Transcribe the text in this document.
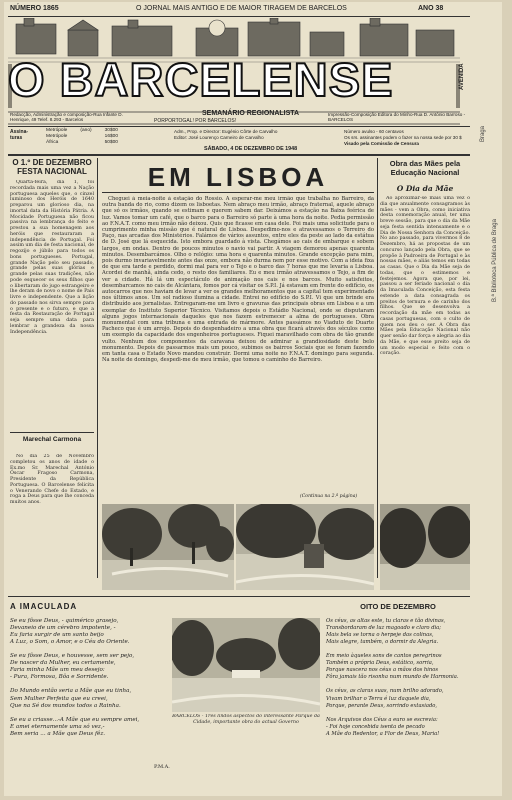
NÚMERO 1865	O JORNAL MAIS ANTIGO E DE MAIOR TIRAGEM DE BARCELOS	ANO 38
O BARCELENSE
SEMANÁRIO REGIONALISTA
PORPORTOGAL! POR BARCELOS!
AVENIDA
Redacção, Administração e composição-Rua Infante D. Henrique, 49 Telef. 8.293 - Barcelos
Impressão-Composição Editora do Minho-Rua D. António Barroso - BARCELOS
Assina-
turas
Metrópole	(ano)	30$00
Metrópole	16$00
África	50$00
Adm., Prop. e Director: Eugénio Côrte de Carvalho
Editor: José Lourenço Carneiro de Carvalho
Número avulso - 60 centavos
Os srs. assinantes podem o fazer na nossa sede por 30 $
Visado pela Comissão de Censura
SÁBADO, 4 DE DEZEMBRO DE 1948
O 1.º DE DEZEMBRO FESTA NACIONAL

Quarta-feira, dia 1, foi recordada mais uma vez a Nação portuguesa aqueles que, o cinzel luminoso dos Heróis de 1640 preparou um glorioso dia, na imortal data da História Pátria. A Mocidade Portuguesa não ficou passiva na lembrança do feito e prestou a sua homenagem aos heróis que restauraram a independência de Portugal. Foi assim um dia de festa nacional, de regozijo e júbilo para todos os bons portugueses. Portugal, grande Nação pelo seu passado, grande pelas suas glórias e grande pelas suas tradições, não pode esquecer os seus filhos que o libertaram do jugo estrangeiro e lhe deram de novo o nome de País livre e independente. Que a lição do passado nos sirva sempre para o presente e o futuro, e que a festa da Restauração de Portugal seja sempre uma data para lembrar a grandeza da nossa Independência.

Marechal Carmona

No dia 25 de Novembro completou os anos de idade o Ex.mo Sr. Marechal António Óscar Fragoso Carmona, Presidente da República Portuguesa. O Barcelense felicita o Venerando Chefe do Estado, e roga a Deus para que lhe conceda muitos anos.

EM LISBOA

Cheguei à meia-noite à estação do Rossio. A esperar-me meu irmão que trabalha no Barreiro, da outra banda do rio, como dizem os lisboetas. Nem abraço meu irmão, abraço fraternal, aquele abraço que só os irmãos, quando se estimam e querem sabem dar. Deixámos a estação na Baixa feérica de luz. Vamos tomar um café, que o barco para o Barreiro só parte à uma hora da noite. Pedia permissão ao F.N.A.T. como meu irmão não deixou. Quis que ficasse em casa dele. Foi mais uma solicitude para o cumprimento minha missão que é natural de Lisboa. Despedimo-nos e atravessamos o Terreiro do Paço, nas arcadas dos Ministérios. Falámos de vários assuntos, entre eles da peste ao lado da estátua de D. José que lá esquecida. Isto embora guardado à vista. Chegámos ao cais de embarque e sobem largos, em ondas. Dentro de poucos minutos o navio vai partir. A viagem demorou apenas quarenta minutos. Desembarcámos. Olho o relógio: uma hora e quarenta minutos. Grande excepção para mim, pois durmo invariavelmente antes das onze, embora não durma nem por esse motivo. Com a ideia fixa de que era tarde e perdido, dormi mal para ver o Tejo e o barco das 7 horas que me levaria a Lisboa. Acordei de manhã, ainda cedo, o resto dos familiares. Eu e meu irmão atravessamos o Tejo, a fim de ver a cidade. Há lá um espectáculo de animação nos cais e nos barcos. Muito satisfeitos, desembarcamos no cais de Alcântara, fomos por cá visitar os S.P.I. Já estavam em frente do edifício, os autocarros que nos haviam de levar a ver os grandes melhoramentos que a capital tem experimentado nos últimos anos. Um sol radioso ilumina a cidade. Entrei no edifício do S.P.I. Vi que um brinde era distribuído aos jornalistas. Entregaram-me um livro e gravuras das principais obras em Lisboa e a um exemplar do Instituto Superior Técnico. Visitamos depois o Estádio Nacional, onde se disputaram alguns jogos internacionais daqueles que nos fazem estremecer a alma de portugueses. Obra monumental com uma tribuna e uma entrada de mármore. Antes passámos no Viaduto de Duarte Pacheco que é um arrojo. Depois do despenhadeiro a uma obra que ficará através dos séculos como um exemplo da capacidade dos engenheiros portugueses. Fiquei maravilhado com obra de tão grande vulto. Nenhum dos componentes da caravana deixou de admirar a grandiosidade deste belo monumento. Depois de passarmos mais um pouco, subimos os bairros Sociais que se foram fazendo em tanta casa o Estado Novo mandou construir. Dormi uma noite no F.N.A.T. domingo para segunda. Na noite de domingo, despedi-me de meu irmão, que tomou o caminho do Barreiro.

(Continua na 2.ª página)
Obra das Mães pela Educação Nacional
O Dia da Mãe

Ao aproximar-se mais uma vez o dia que anualmente consagramos às mães - vem a Obra, como iniciativa desta comemoração anual, ter uma breve sessão, para que o dia da Mãe seja festa sentida intensamente e o Dia de Nossa Senhora da Conceição. No ano passado, para vivermos 8 de Dezembro, há as propostas de um concurso lançado pela Obra, que se propõe à Padroeira de Portugal e às nossas mães, e aliás temos em todas as casas. Que o Dia da Mãe seja de todas, que o estimemos e festejemos. Agora que, por lei, passou a ser feriado nacional o dia da Imaculada Conceição, esta festa estende a data consagrada os preitos de ternura e de carinho dos filhos. Que se desenvolva a recordação da mãe em todas as casas portuguesas, com o culto de quem nos deu o ser. A Obra das Mães pela Educação Nacional não quer senão dar força e alegria ao dia da Mãe, e que esse preito seja de um modo especial e feito com o coração.

A IMACULADA
Se eu fôsse Deus, - quimérico grasejo,
Devaneio de um cérebro impotente, -
Eu faria surgir de um santo beijo
A Luz, o Som, o Amor, e o Céu do Oriente.

Se eu fôsse Deus, e houvesse, sem ser pejo,
De nascer da Mulher, eu certamente,
Faria minha Mãe um meu desejo:
- Pura, Formosa, Bôa e Sorridente.

Do Mundo então seria a Mãe que eu tinha,
Sem Mulher Perfeita que eu creei,
Que na Sé dos mundos todos a Rainha.

Se eu a criasse...-A Mãe que eu sempre amei,
E amei eternamente uma só vez,-
Bem seria ... a Mãe que Deus fêz.
P.M.A.

BARCELOS - Três lindos aspectos do interessante Parque da Cidade, importante obra do actual Governo

OITO DE DEZEMBRO
Os céus, as altas este, tu claras e tão divinas,
Transbordaram de luz magoado e claro dia;
Mais bela se torna o herpeje das colinas,
Mais alegre, também, o dormir da Alegria.

Em meio àqueles sons de cantos peregrinos
Também a própria Deus, estático, sorria,
Porque nascera nos céus a mãos dos hinos
Fôra jamais tão risonha num mundo de Harmonia.

Os céus, as claras suas, num brilho adorado,
Vivam brilhar o Terra é luz daquele dia,
Porque, perante Deus, sorrindo extasiado,

Nos Arquivos dos Céus a euro se escrevia:
- Foi hoje concebida isenta de pecado
A Mãe do Redentor, a Flor de Deus, Maria!
B.ª Biblioteca Pública de Braga
Braga
